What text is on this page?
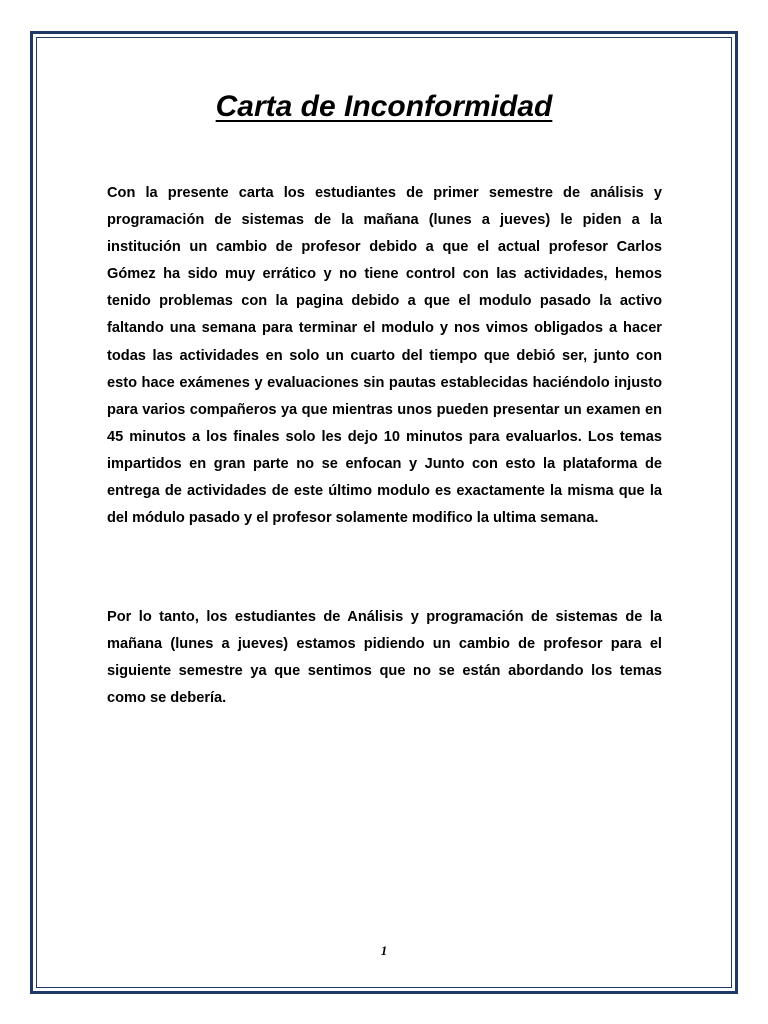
Carta de Inconformidad

Con la presente carta los estudiantes de primer semestre de análisis y programación de sistemas de la mañana (lunes a jueves) le piden a la institución un cambio de profesor debido a que el actual profesor Carlos Gómez ha sido muy errático y no tiene control con las actividades, hemos tenido problemas con la pagina debido a que el modulo pasado la activo faltando una semana para terminar el modulo y nos vimos obligados a hacer todas las actividades en solo un cuarto del tiempo que debió ser, junto con esto hace exámenes y evaluaciones sin pautas establecidas haciéndolo injusto para varios compañeros ya que mientras unos pueden presentar un examen en 45 minutos a los finales solo les dejo 10 minutos para evaluarlos. Los temas impartidos en gran parte no se enfocan y Junto con esto la plataforma de entrega de actividades de este último modulo es exactamente la misma que la del módulo pasado y el profesor solamente modifico la ultima semana.

Por lo tanto, los estudiantes de Análisis y programación de sistemas de la mañana (lunes a jueves) estamos pidiendo un cambio de profesor para el siguiente semestre ya que sentimos que no se están abordando los temas como se debería.

1
